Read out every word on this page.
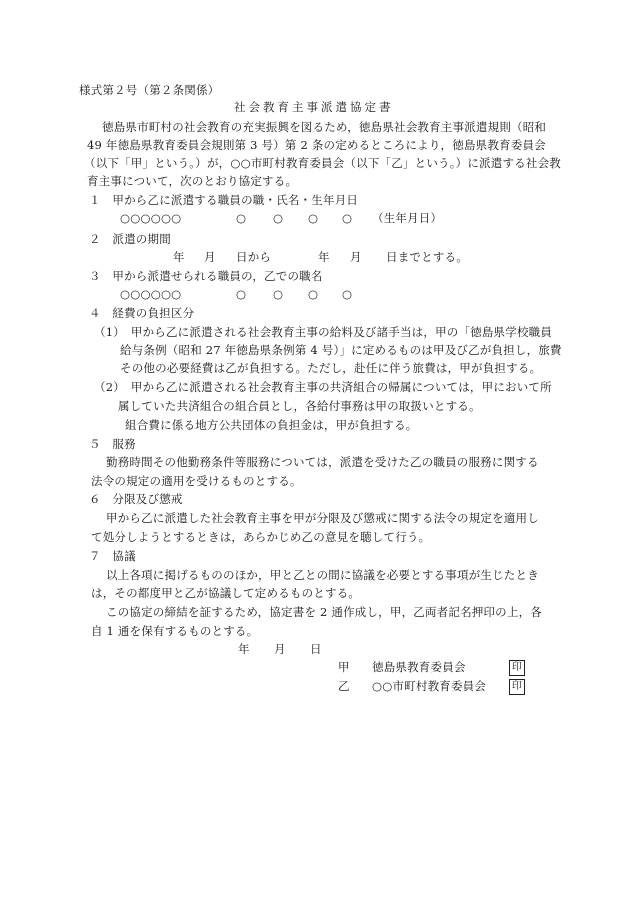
様式第２号（第２条関係）
社会教育主事派遣協定書
徳島県市町村の社会教育の充実振興を図るため，徳島県社会教育主事派遣規則（昭和
49 年徳島県教育委員会規則第 3 号）第 2 条の定めるところにより，徳島県教育委員会
（以下「甲」という。）が，○○市町村教育委員会（以下「乙」という。）に派遣する社会教
育主事について，次のとおり協定する。
１　甲から乙に派遣する職員の職・氏名・生年月日
○○○○○○	○ ○ ○ ○ （生年月日）
２　派遣の期間
年 月 日から	年 月 日までとする。
３　甲から派遣せられる職員の，乙での職名
○○○○○○	○ ○ ○ ○
４　経費の負担区分
（1）　甲から乙に派遣される社会教育主事の給料及び諸手当は，甲の「徳島県学校職員
給与条例（昭和 27 年徳島県条例第 4 号）」に定めるものは甲及び乙が負担し，旅費
その他の必要経費は乙が負担する。ただし，赴任に伴う旅費は，甲が負担する。
（2）　甲から乙に派遣される社会教育主事の共済組合の帰属については，甲において所
属していた共済組合の組合員とし，各給付事務は甲の取扱いとする。
組合費に係る地方公共団体の負担金は，甲が負担する。
５　服務
勤務時間その他勤務条件等服務については，派遣を受けた乙の職員の服務に関する
法令の規定の適用を受けるものとする。
６　分限及び懲戒
甲から乙に派遣した社会教育主事を甲が分限及び懲戒に関する法令の規定を適用し
て処分しようとするときは，あらかじめ乙の意見を聴して行う。
７　協議
以上各項に掲げるもののほか，甲と乙との間に協議を必要とする事項が生じたとき
は，その都度甲と乙が協議して定めるものとする。
この協定の締結を証するため，協定書を 2 通作成し，甲，乙両者記名押印の上，各
自 1 通を保有するものとする。
年 月 日
甲 徳島県教育委員会	印
乙 ○○市町村教育委員会	印
